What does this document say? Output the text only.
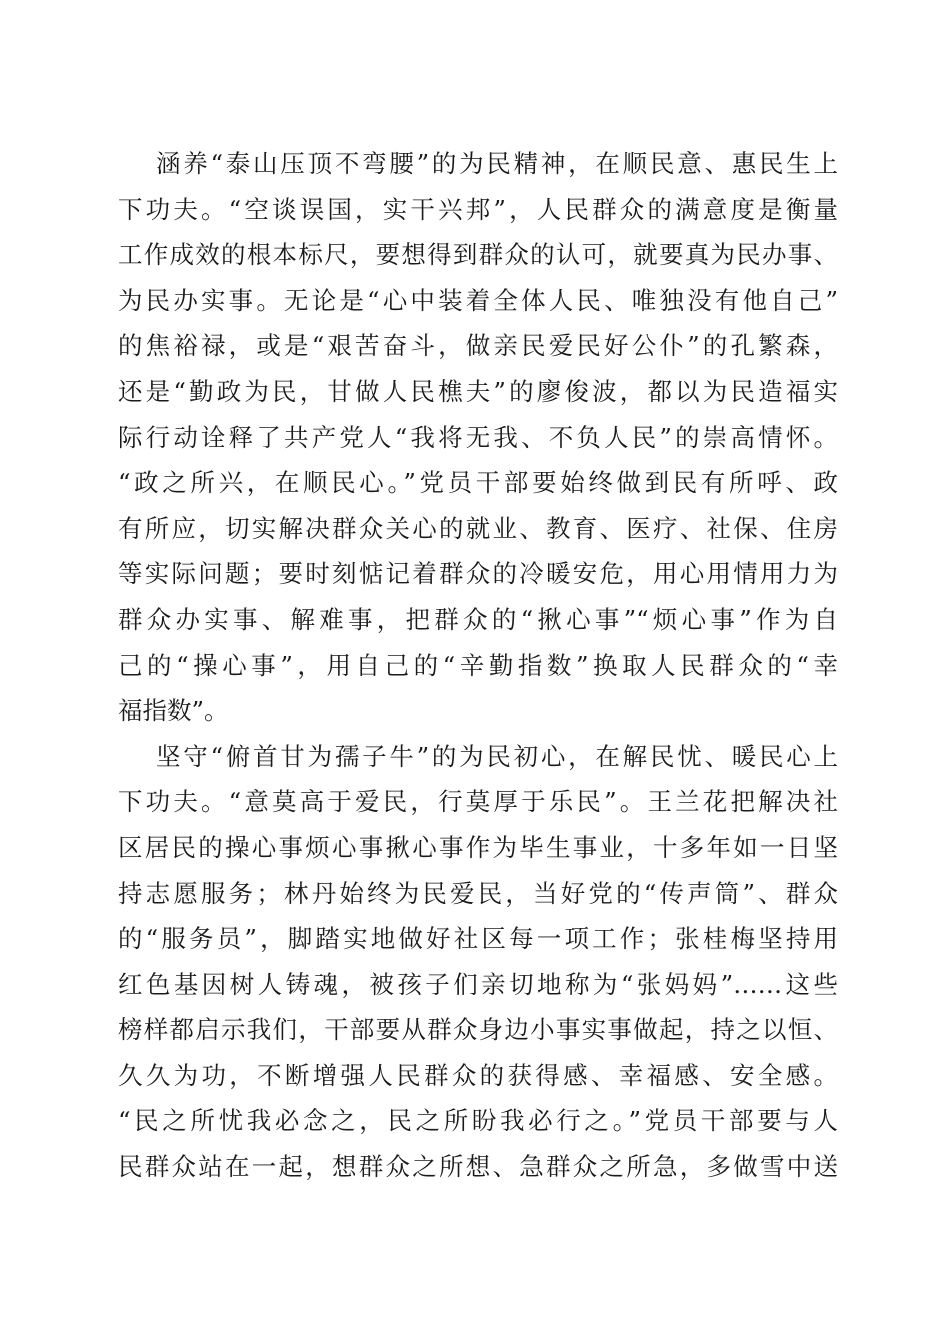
涵养“泰山压顶不弯腰”的为民精神，在顺民意、惠民生上
下功夫。“空谈误国，实干兴邦”，人民群众的满意度是衡量
工作成效的根本标尺，要想得到群众的认可，就要真为民办事、
为民办实事。无论是“心中装着全体人民、唯独没有他自己”
的焦裕禄，或是“艰苦奋斗，做亲民爱民好公仆”的孔繁森，
还是“勤政为民，甘做人民樵夫”的廖俊波，都以为民造福实
际行动诠释了共产党人“我将无我、不负人民”的崇高情怀。
“政之所兴，在顺民心。”党员干部要始终做到民有所呼、政
有所应，切实解决群众关心的就业、教育、医疗、社保、住房
等实际问题；要时刻惦记着群众的冷暖安危，用心用情用力为
群众办实事、解难事，把群众的“揪心事”“烦心事”作为自
己的“操心事”，用自己的“辛勤指数”换取人民群众的“幸
福指数”。
坚守“俯首甘为孺子牛”的为民初心，在解民忧、暖民心上
下功夫。“意莫高于爱民，行莫厚于乐民”。王兰花把解决社
区居民的操心事烦心事揪心事作为毕生事业，十多年如一日坚
持志愿服务；林丹始终为民爱民，当好党的“传声筒”、群众
的“服务员”，脚踏实地做好社区每一项工作；张桂梅坚持用
红色基因树人铸魂，被孩子们亲切地称为“张妈妈”……这些
榜样都启示我们，干部要从群众身边小事实事做起，持之以恒、
久久为功，不断增强人民群众的获得感、幸福感、安全感。
“民之所忧我必念之，民之所盼我必行之。”党员干部要与人
民群众站在一起，想群众之所想、急群众之所急，多做雪中送
